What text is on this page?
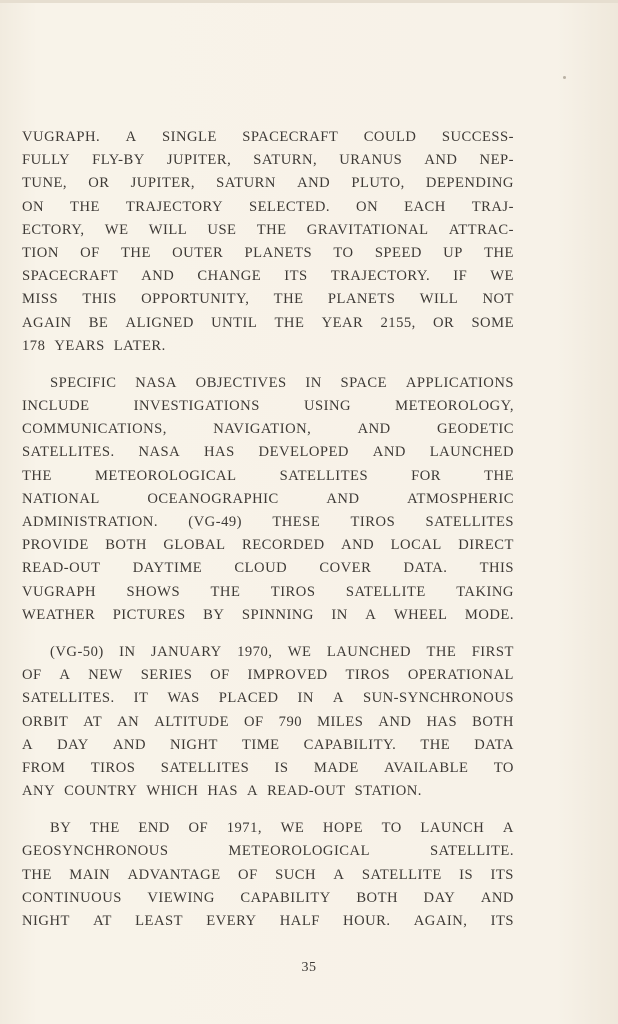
VUGRAPH. A SINGLE SPACECRAFT COULD SUCCESS-
FULLY FLY-BY JUPITER, SATURN, URANUS AND NEP-
TUNE, OR JUPITER, SATURN AND PLUTO, DEPENDING
ON THE TRAJECTORY SELECTED. ON EACH TRAJ-
ECTORY, WE WILL USE THE GRAVITATIONAL ATTRAC-
TION OF THE OUTER PLANETS TO SPEED UP THE
SPACECRAFT AND CHANGE ITS TRAJECTORY. IF WE
MISS THIS OPPORTUNITY, THE PLANETS WILL NOT
AGAIN BE ALIGNED UNTIL THE YEAR 2155, OR SOME
178 YEARS LATER.
SPECIFIC NASA OBJECTIVES IN SPACE APPLICATIONS
INCLUDE	INVESTIGATIONS	USING	METEOROLOGY,
COMMUNICATIONS,	NAVIGATION,	AND	GEODETIC
SATELLITES. NASA HAS DEVELOPED AND LAUNCHED
THE	METEOROLOGICAL	SATELLITES	FOR	THE
NATIONAL	OCEANOGRAPHIC	AND	ATMOSPHERIC
ADMINISTRATION. (VG-49) THESE TIROS SATELLITES
PROVIDE BOTH GLOBAL RECORDED AND LOCAL DIRECT
READ-OUT DAYTIME CLOUD COVER DATA. THIS
VUGRAPH SHOWS THE TIROS SATELLITE TAKING
WEATHER PICTURES BY SPINNING IN A WHEEL MODE.
(VG-50) IN JANUARY 1970, WE LAUNCHED THE FIRST
OF A NEW SERIES OF IMPROVED TIROS OPERATIONAL
SATELLITES. IT WAS PLACED IN A SUN-SYNCHRONOUS
ORBIT AT AN ALTITUDE OF 790 MILES AND HAS BOTH
A DAY AND NIGHT TIME CAPABILITY. THE DATA
FROM TIROS SATELLITES IS MADE AVAILABLE TO
ANY COUNTRY WHICH HAS A READ-OUT STATION.
BY THE END OF 1971, WE HOPE TO LAUNCH A
GEOSYNCHRONOUS	METEOROLOGICAL	SATELLITE.
THE MAIN ADVANTAGE OF SUCH A SATELLITE IS ITS
CONTINUOUS VIEWING CAPABILITY BOTH DAY AND
NIGHT AT LEAST EVERY HALF HOUR. AGAIN, ITS
35
